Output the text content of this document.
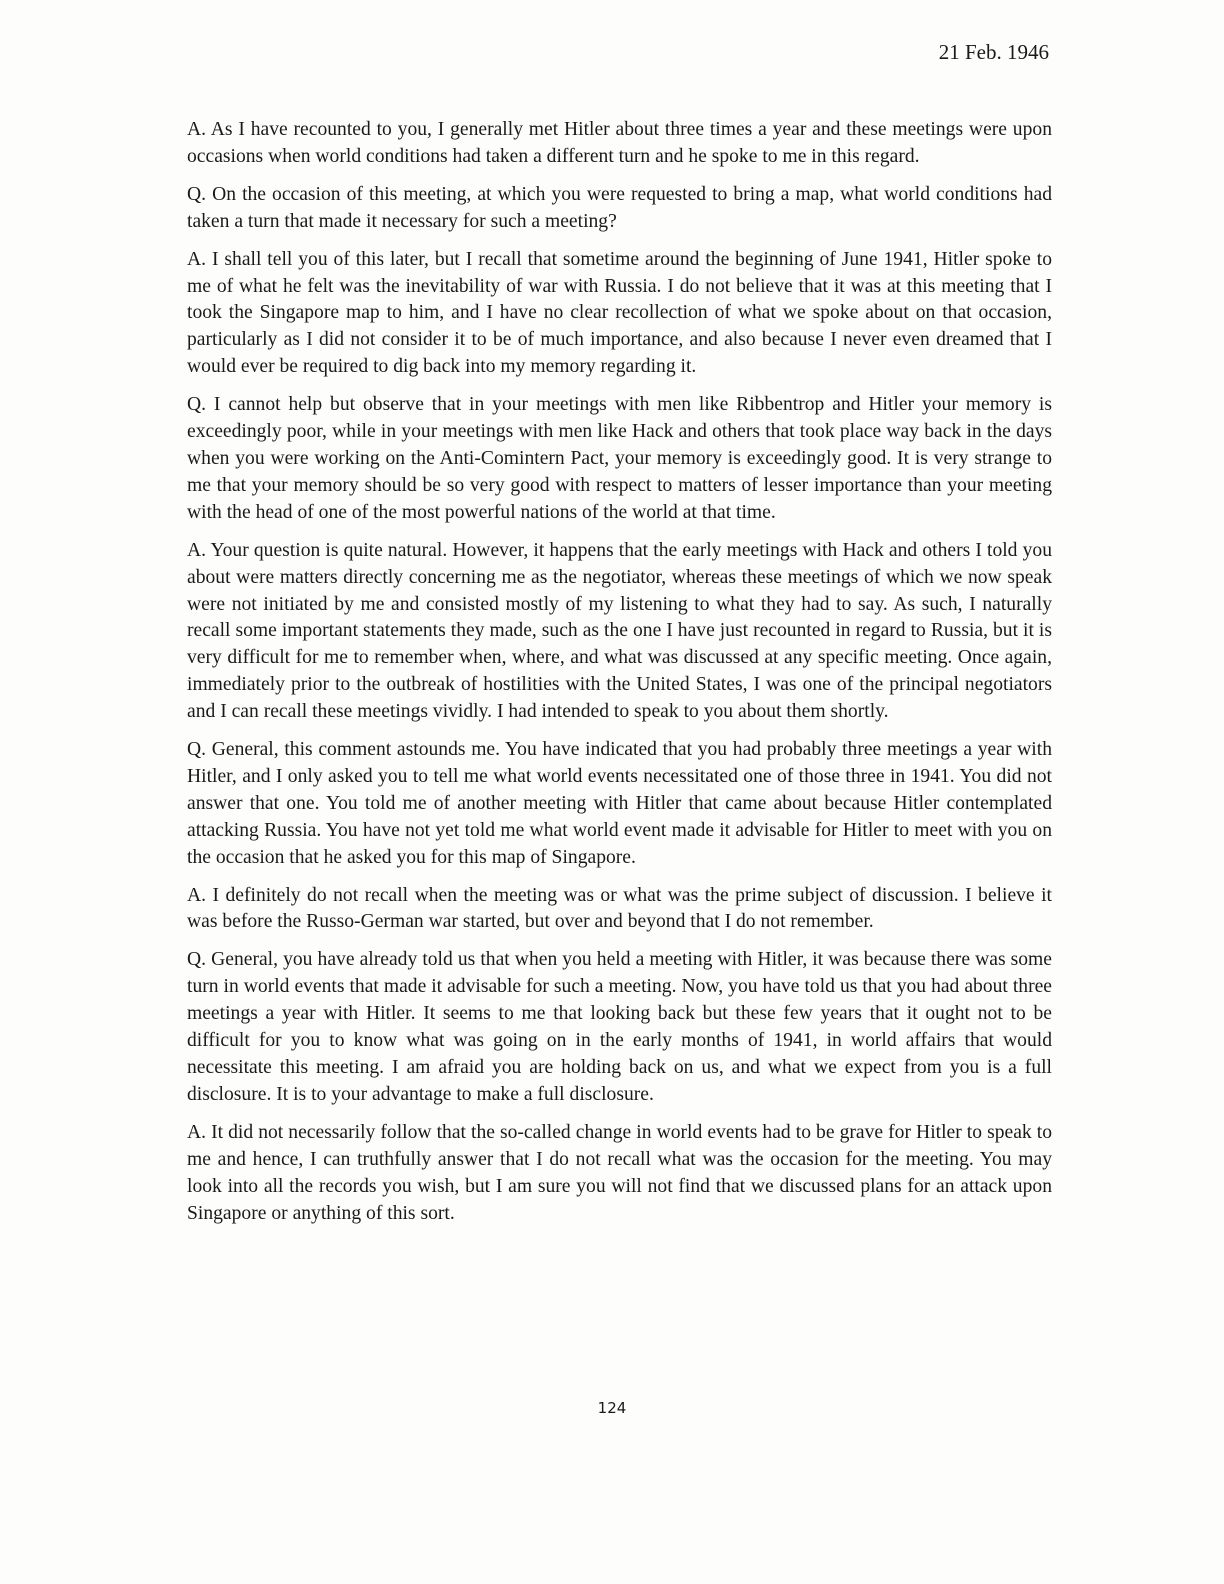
21 Feb. 1946

A. As I have recounted to you, I generally met Hitler about three times a year and these meetings were upon occasions when world conditions had taken a different turn and he spoke to me in this regard.

Q. On the occasion of this meeting, at which you were requested to bring a map, what world conditions had taken a turn that made it necessary for such a meeting?

A. I shall tell you of this later, but I recall that sometime around the beginning of June 1941, Hitler spoke to me of what he felt was the inevitability of war with Russia. I do not believe that it was at this meeting that I took the Singapore map to him, and I have no clear recollection of what we spoke about on that occasion, particularly as I did not consider it to be of much importance, and also because I never even dreamed that I would ever be required to dig back into my memory regarding it.

Q. I cannot help but observe that in your meetings with men like Ribbentrop and Hitler your memory is exceedingly poor, while in your meetings with men like Hack and others that took place way back in the days when you were working on the Anti-Comintern Pact, your memory is exceedingly good. It is very strange to me that your memory should be so very good with respect to matters of lesser importance than your meeting with the head of one of the most powerful nations of the world at that time.

A. Your question is quite natural. However, it happens that the early meetings with Hack and others I told you about were matters directly concerning me as the negotiator, whereas these meetings of which we now speak were not initiated by me and consisted mostly of my listening to what they had to say. As such, I naturally recall some important statements they made, such as the one I have just recounted in regard to Russia, but it is very difficult for me to remember when, where, and what was discussed at any specific meeting. Once again, immediately prior to the outbreak of hostilities with the United States, I was one of the principal negotiators and I can recall these meetings vividly. I had intended to speak to you about them shortly.

Q. General, this comment astounds me. You have indicated that you had probably three meetings a year with Hitler, and I only asked you to tell me what world events necessitated one of those three in 1941. You did not answer that one. You told me of another meeting with Hitler that came about because Hitler contemplated attacking Russia. You have not yet told me what world event made it advisable for Hitler to meet with you on the occasion that he asked you for this map of Singapore.

A. I definitely do not recall when the meeting was or what was the prime subject of discussion. I believe it was before the Russo-German war started, but over and beyond that I do not remember.

Q. General, you have already told us that when you held a meeting with Hitler, it was because there was some turn in world events that made it advisable for such a meeting. Now, you have told us that you had about three meetings a year with Hitler. It seems to me that looking back but these few years that it ought not to be difficult for you to know what was going on in the early months of 1941, in world affairs that would necessitate this meeting. I am afraid you are holding back on us, and what we expect from you is a full disclosure. It is to your advantage to make a full disclosure.

A. It did not necessarily follow that the so-called change in world events had to be grave for Hitler to speak to me and hence, I can truthfully answer that I do not recall what was the occasion for the meeting. You may look into all the records you wish, but I am sure you will not find that we discussed plans for an attack upon Singapore or anything of this sort.

124
